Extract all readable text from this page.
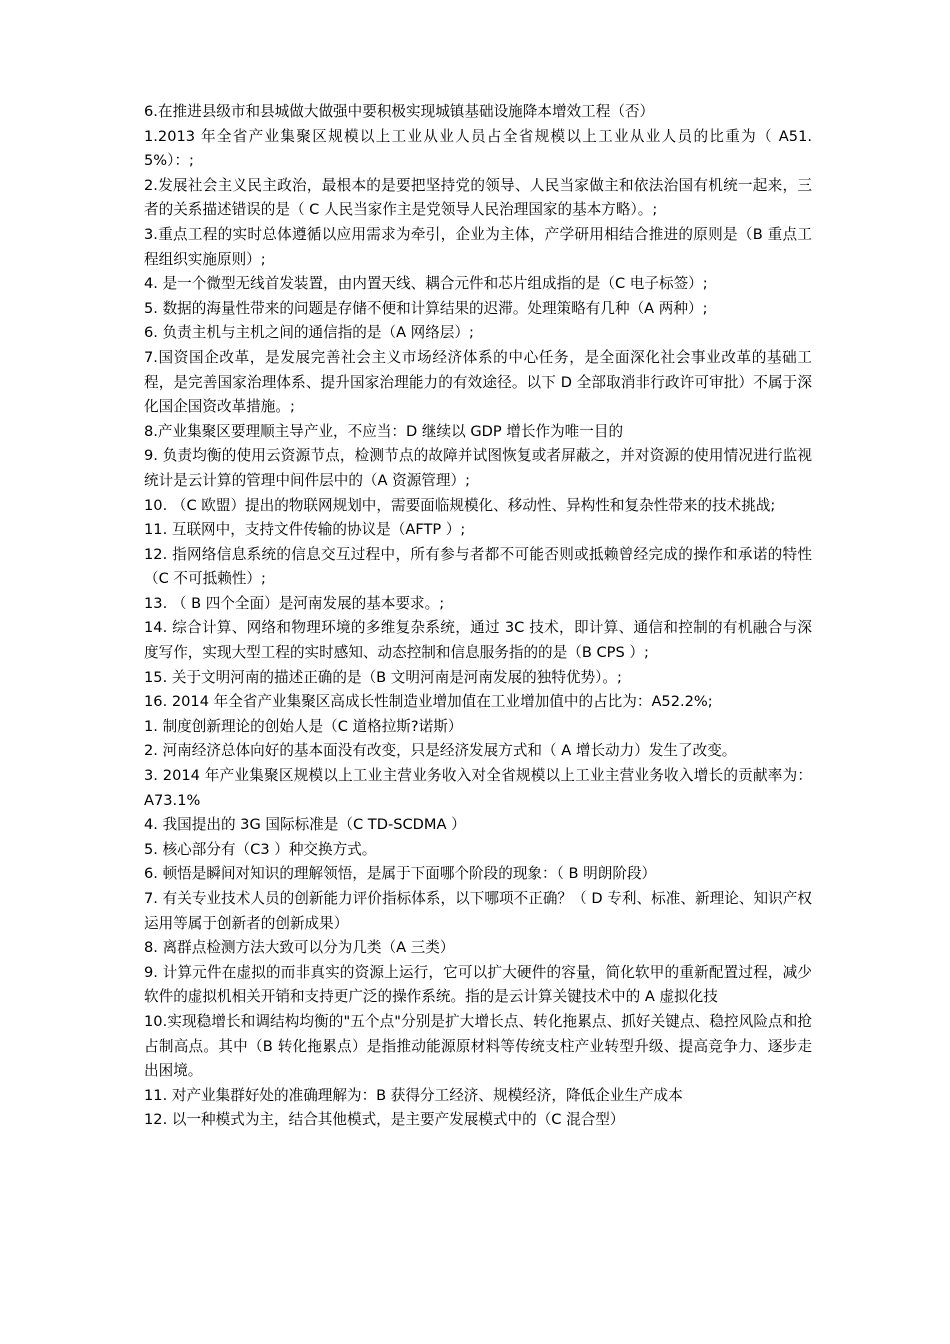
6.在推进县级市和县城做大做强中要积极实现城镇基础设施降本增效工程（否）

1.2013 年全省产业集聚区规模以上工业从业人员占全省规模以上工业从业人员的比重为（ A51.5%）：;

2.发展社会主义民主政治，最根本的是要把坚持党的领导、人民当家做主和依法治国有机统一起来，三者的关系描述错误的是（ C 人民当家作主是党领导人民治理国家的基本方略）。;

3.重点工程的实时总体遵循以应用需求为牵引，企业为主体，产学研用相结合推进的原则是（B 重点工程组织实施原则）;

4. 是一个微型无线首发装置，由内置天线、耦合元件和芯片组成指的是（C 电子标签）;

5. 数据的海量性带来的问题是存储不便和计算结果的迟滞。处理策略有几种（A 两种）;

6. 负责主机与主机之间的通信指的是（A 网络层）;

7.国资国企改革，是发展完善社会主义市场经济体系的中心任务，是全面深化社会事业改革的基础工程，是完善国家治理体系、提升国家治理能力的有效途径。以下 D 全部取消非行政许可审批）不属于深化国企国资改革措施。;

8.产业集聚区要理顺主导产业，不应当：D 继续以 GDP 增长作为唯一目的

9. 负责均衡的使用云资源节点，检测节点的故障并试图恢复或者屏蔽之，并对资源的使用情况进行监视统计是云计算的管理中间件层中的（A 资源管理）;

10. （C 欧盟）提出的物联网规划中，需要面临规模化、移动性、异构性和复杂性带来的技术挑战;

11. 互联网中，支持文件传输的协议是（AFTP ）;

12. 指网络信息系统的信息交互过程中，所有参与者都不可能否则或抵赖曾经完成的操作和承诺的特性（C 不可抵赖性）;

13. （ B 四个全面）是河南发展的基本要求。;

14. 综合计算、网络和物理环境的多维复杂系统，通过 3C 技术，即计算、通信和控制的有机融合与深度写作，实现大型工程的实时感知、动态控制和信息服务指的的是（B CPS ）;

15. 关于文明河南的描述正确的是（B 文明河南是河南发展的独特优势）。;

16. 2014 年全省产业集聚区高成长性制造业增加值在工业增加值中的占比为：A52.2%;

1. 制度创新理论的创始人是（C 道格拉斯?诺斯）

2. 河南经济总体向好的基本面没有改变，只是经济发展方式和（ A 增长动力）发生了改变。

3. 2014 年产业集聚区规模以上工业主营业务收入对全省规模以上工业主营业务收入增长的贡献率为：A73.1%

4. 我国提出的 3G 国际标准是（C TD-SCDMA ）

5. 核心部分有（C3 ）种交换方式。

6. 顿悟是瞬间对知识的理解领悟，是属于下面哪个阶段的现象：（ B 明朗阶段）

7. 有关专业技术人员的创新能力评价指标体系，以下哪项不正确？（ D 专利、标准、新理论、知识产权运用等属于创新者的创新成果）

8. 离群点检测方法大致可以分为几类（A 三类）

9. 计算元件在虚拟的而非真实的资源上运行，它可以扩大硬件的容量，简化软甲的重新配置过程，减少软件的虚拟机相关开销和支持更广泛的操作系统。指的是云计算关键技术中的 A 虚拟化技

10.实现稳增长和调结构均衡的"五个点"分别是扩大增长点、转化拖累点、抓好关键点、稳控风险点和抢占制高点。其中（B 转化拖累点）是指推动能源原材料等传统支柱产业转型升级、提高竞争力、逐步走出困境。

11. 对产业集群好处的准确理解为：B 获得分工经济、规模经济，降低企业生产成本

12. 以一种模式为主，结合其他模式，是主要产发展模式中的（C 混合型）
